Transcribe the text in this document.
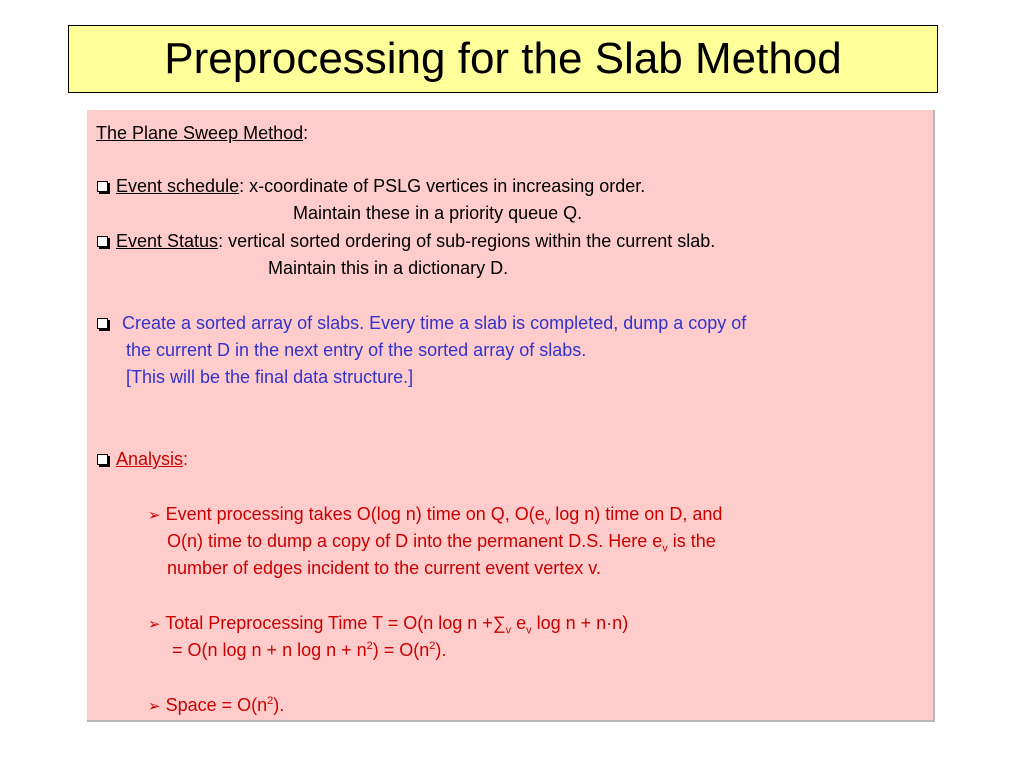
Preprocessing for the Slab Method
The Plane Sweep Method:
Event schedule: x-coordinate of PSLG vertices in increasing order.
Maintain these in a priority queue Q.
Event Status: vertical sorted ordering of sub-regions within the current slab.
Maintain this in a dictionary D.
Create a sorted array of slabs. Every time a slab is completed, dump a copy of
the current D in the next entry of the sorted array of slabs.
[This will be the final data structure.]
Analysis:
➢ Event processing takes O(log n) time on Q, $O(e_v$ log n) time on D, and
O(n) time to dump a copy of D into the permanent D.S. Here $e_v$ is the
number of edges incident to the current event vertex v.
➢ Total Preprocessing Time T = O(n $\log n +\sum_v$ $e_v$ log n + n·n)
= O(n log n + n $\log n + n^2) = O(n^2)$.
➢ Space = $O(n^2)$.
